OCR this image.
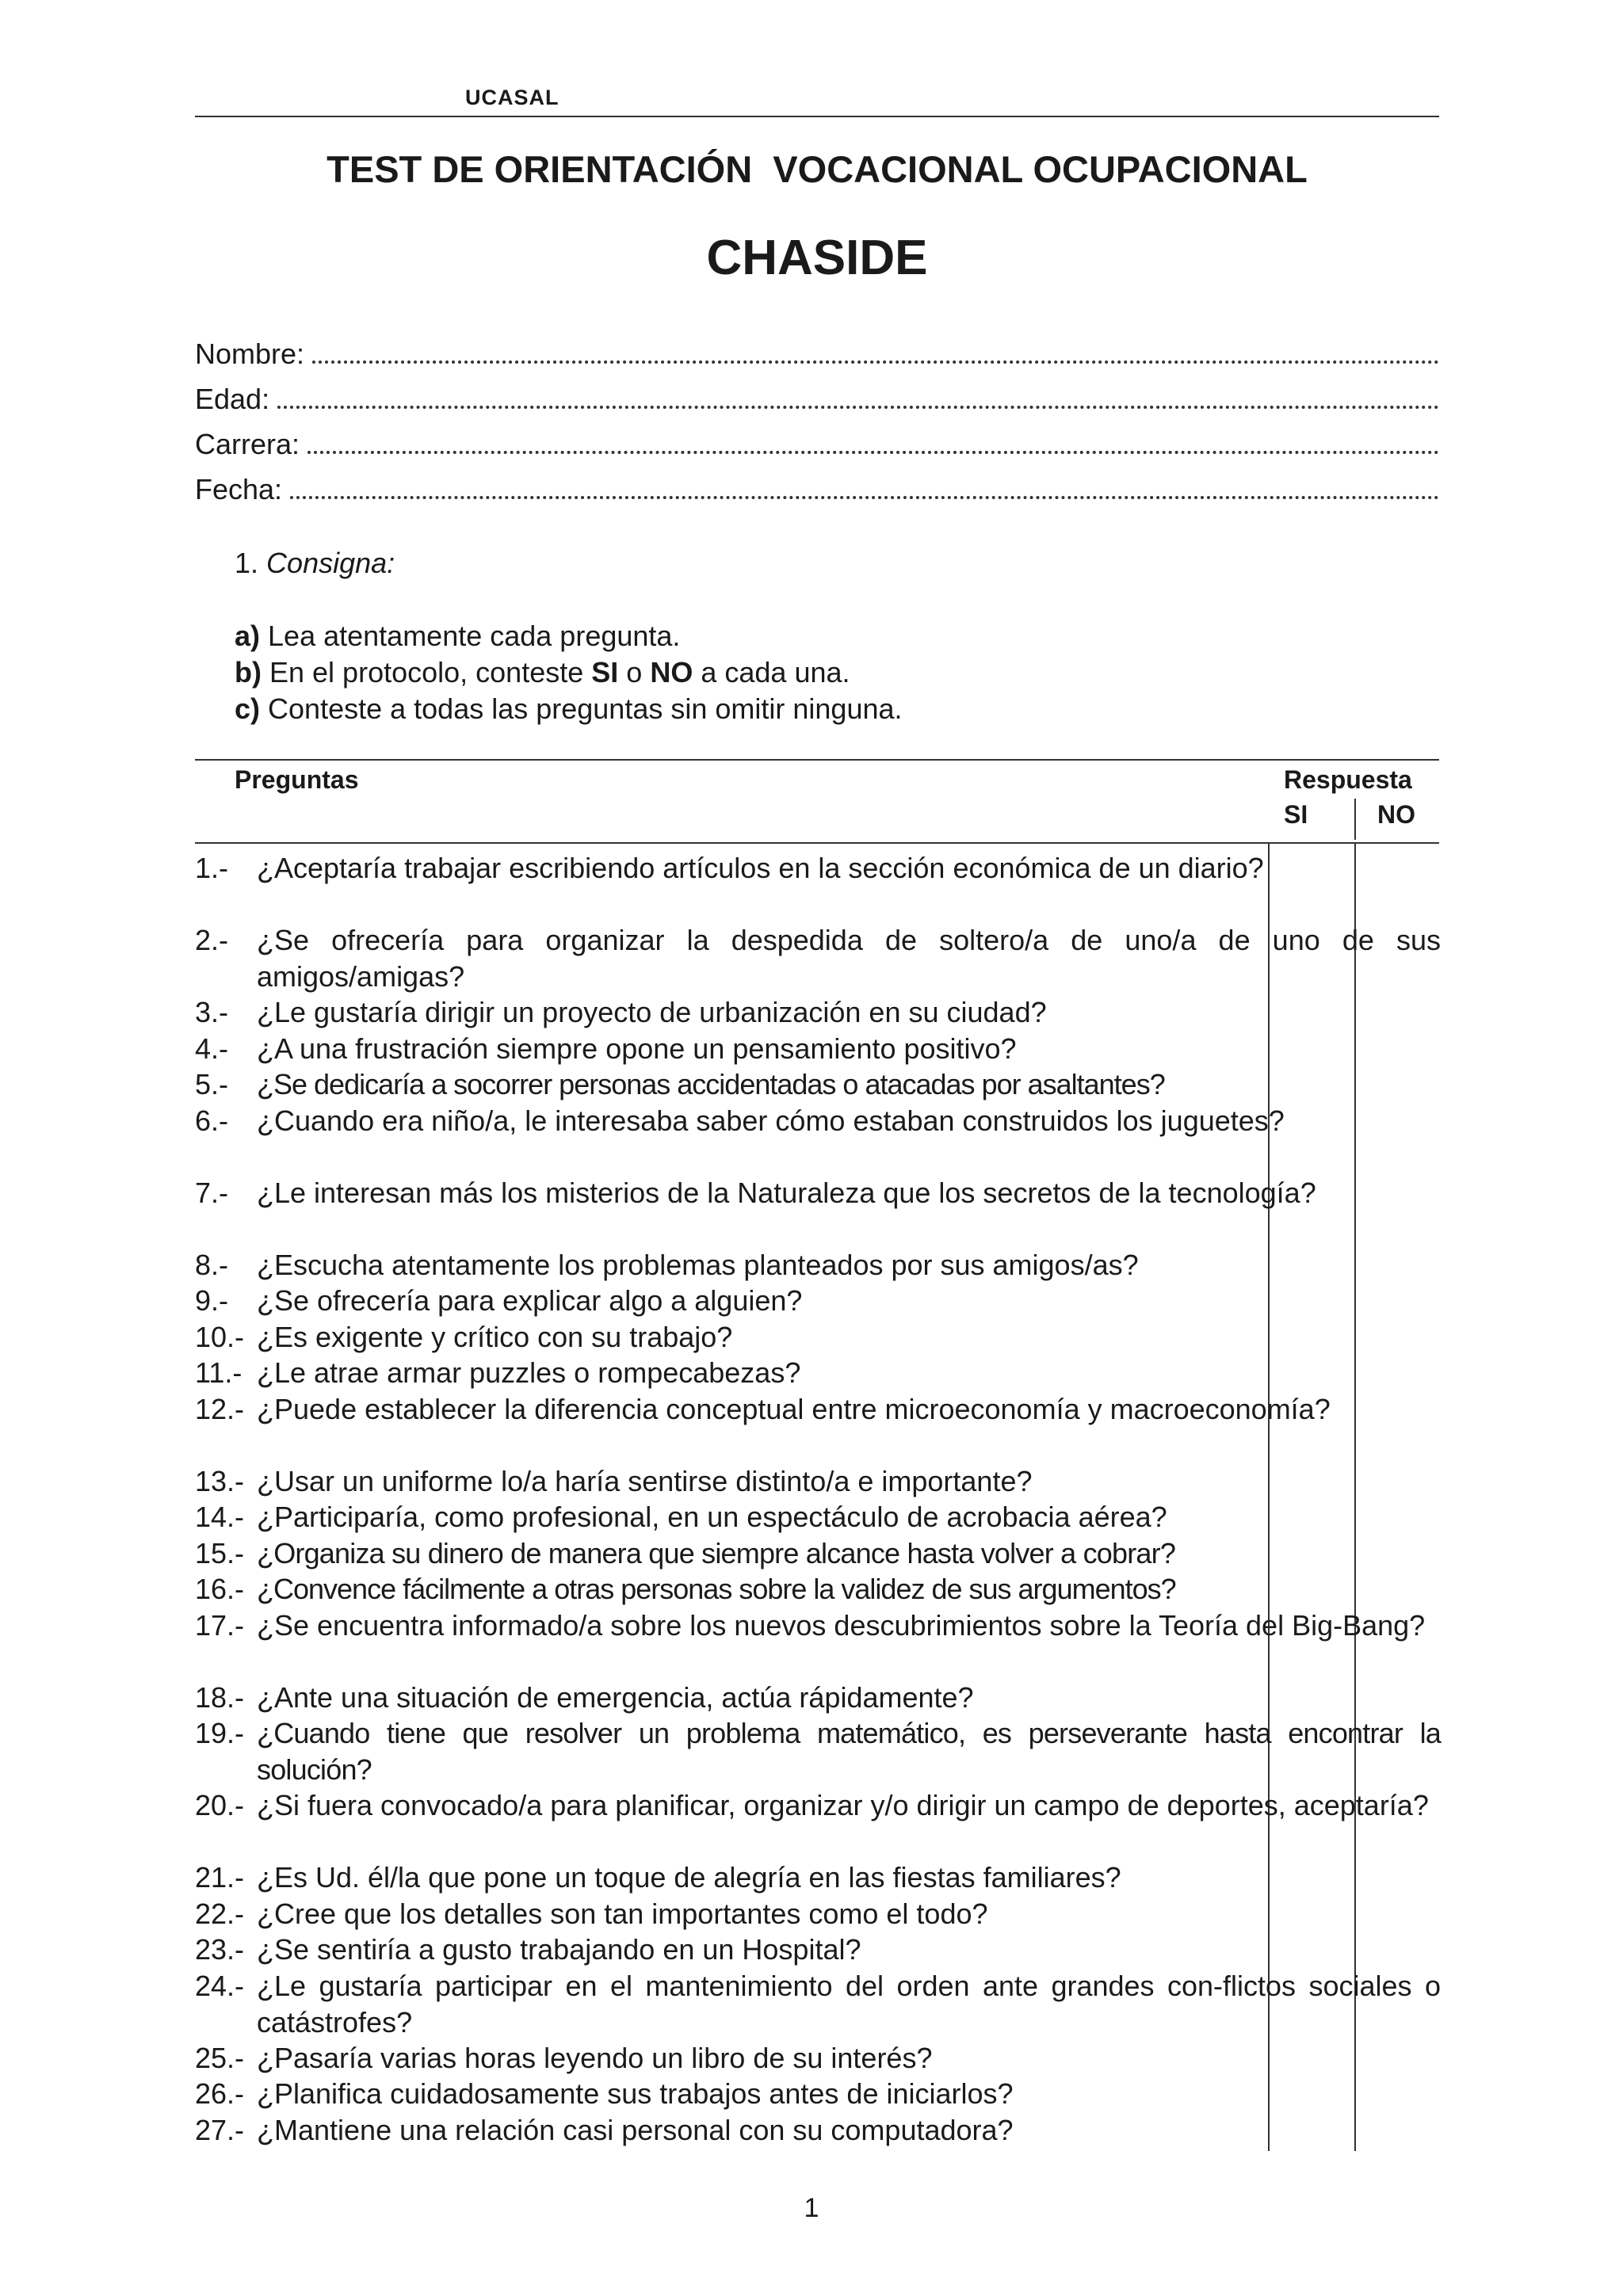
UCASAL
TEST DE ORIENTACIÓN  VOCACIONAL OCUPACIONAL
CHASIDE
Nombre:
Edad:
Carrera:
Fecha:
1. Consigna:
a) Lea atentamente cada pregunta.
b) En el protocolo, conteste SI o NO a cada una.
c) Conteste a todas las preguntas sin omitir ninguna.
Preguntas	Respuesta
SI	NO
1.- ¿Aceptaría trabajar escribiendo artículos en la sección económica de un diario?
2.- ¿Se ofrecería para organizar la despedida de soltero/a de uno/a de uno de sus amigos/amigas?
3.- ¿Le gustaría dirigir un proyecto de urbanización en su ciudad?
4.- ¿A una frustración siempre opone un pensamiento positivo?
5.- ¿Se dedicaría a socorrer personas accidentadas o atacadas por asaltantes?
6.- ¿Cuando era niño/a, le interesaba saber cómo estaban construidos los juguetes?
7.- ¿Le interesan más los misterios de la Naturaleza que los secretos de la tecnología?
8.- ¿Escucha atentamente los problemas planteados por sus amigos/as?
9.- ¿Se ofrecería para explicar algo a alguien?
10.- ¿Es exigente y crítico con su trabajo?
11.- ¿Le atrae armar puzzles o rompecabezas?
12.- ¿Puede establecer la diferencia conceptual entre microeconomía y macroeconomía?
13.- ¿Usar un uniforme lo/a haría sentirse distinto/a e importante?
14.- ¿Participaría, como profesional, en un espectáculo de acrobacia aérea?
15.- ¿Organiza su dinero de manera que siempre alcance hasta volver a cobrar?
16.- ¿Convence fácilmente a otras personas sobre la validez de sus argumentos?
17.- ¿Se encuentra informado/a sobre los nuevos descubrimientos sobre la Teoría del Big-Bang?
18.- ¿Ante una situación de emergencia, actúa rápidamente?
19.- ¿Cuando tiene que resolver un problema matemático, es perseverante hasta encontrar la solución?
20.- ¿Si fuera convocado/a para planificar, organizar y/o dirigir un campo de deportes, aceptaría?
21.- ¿Es Ud. él/la que pone un toque de alegría en las fiestas familiares?
22.- ¿Cree que los detalles son tan importantes como el todo?
23.- ¿Se sentiría a gusto trabajando en un Hospital?
24.- ¿Le gustaría participar en el mantenimiento del orden ante grandes con-flictos sociales o catástrofes?
25.- ¿Pasaría varias horas leyendo un libro de su interés?
26.- ¿Planifica cuidadosamente sus trabajos antes de iniciarlos?
27.- ¿Mantiene una relación casi personal con su computadora?
1
